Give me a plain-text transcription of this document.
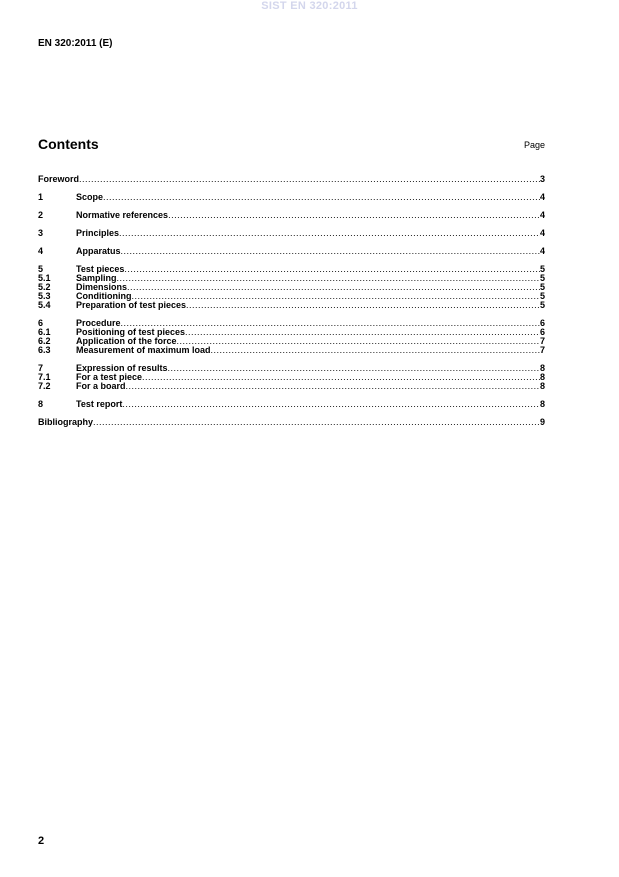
SIST EN 320:2011
EN 320:2011 (E)
Contents	Page
Foreword .....	3
1	Scope .....	4
2	Normative references .....	4
3	Principles .....	4
4	Apparatus .....	4
5	Test pieces .....	5
5.1	Sampling .....	5
5.2	Dimensions .....	5
5.3	Conditioning .....	5
5.4	Preparation of test pieces .....	5
6	Procedure .....	6
6.1	Positioning of test pieces .....	6
6.2	Application of the force .....	7
6.3	Measurement of maximum load .....	7
7	Expression of results .....	8
7.1	For a test piece .....	8
7.2	For a board .....	8
8	Test report .....	8
Bibliography .....	9
2
